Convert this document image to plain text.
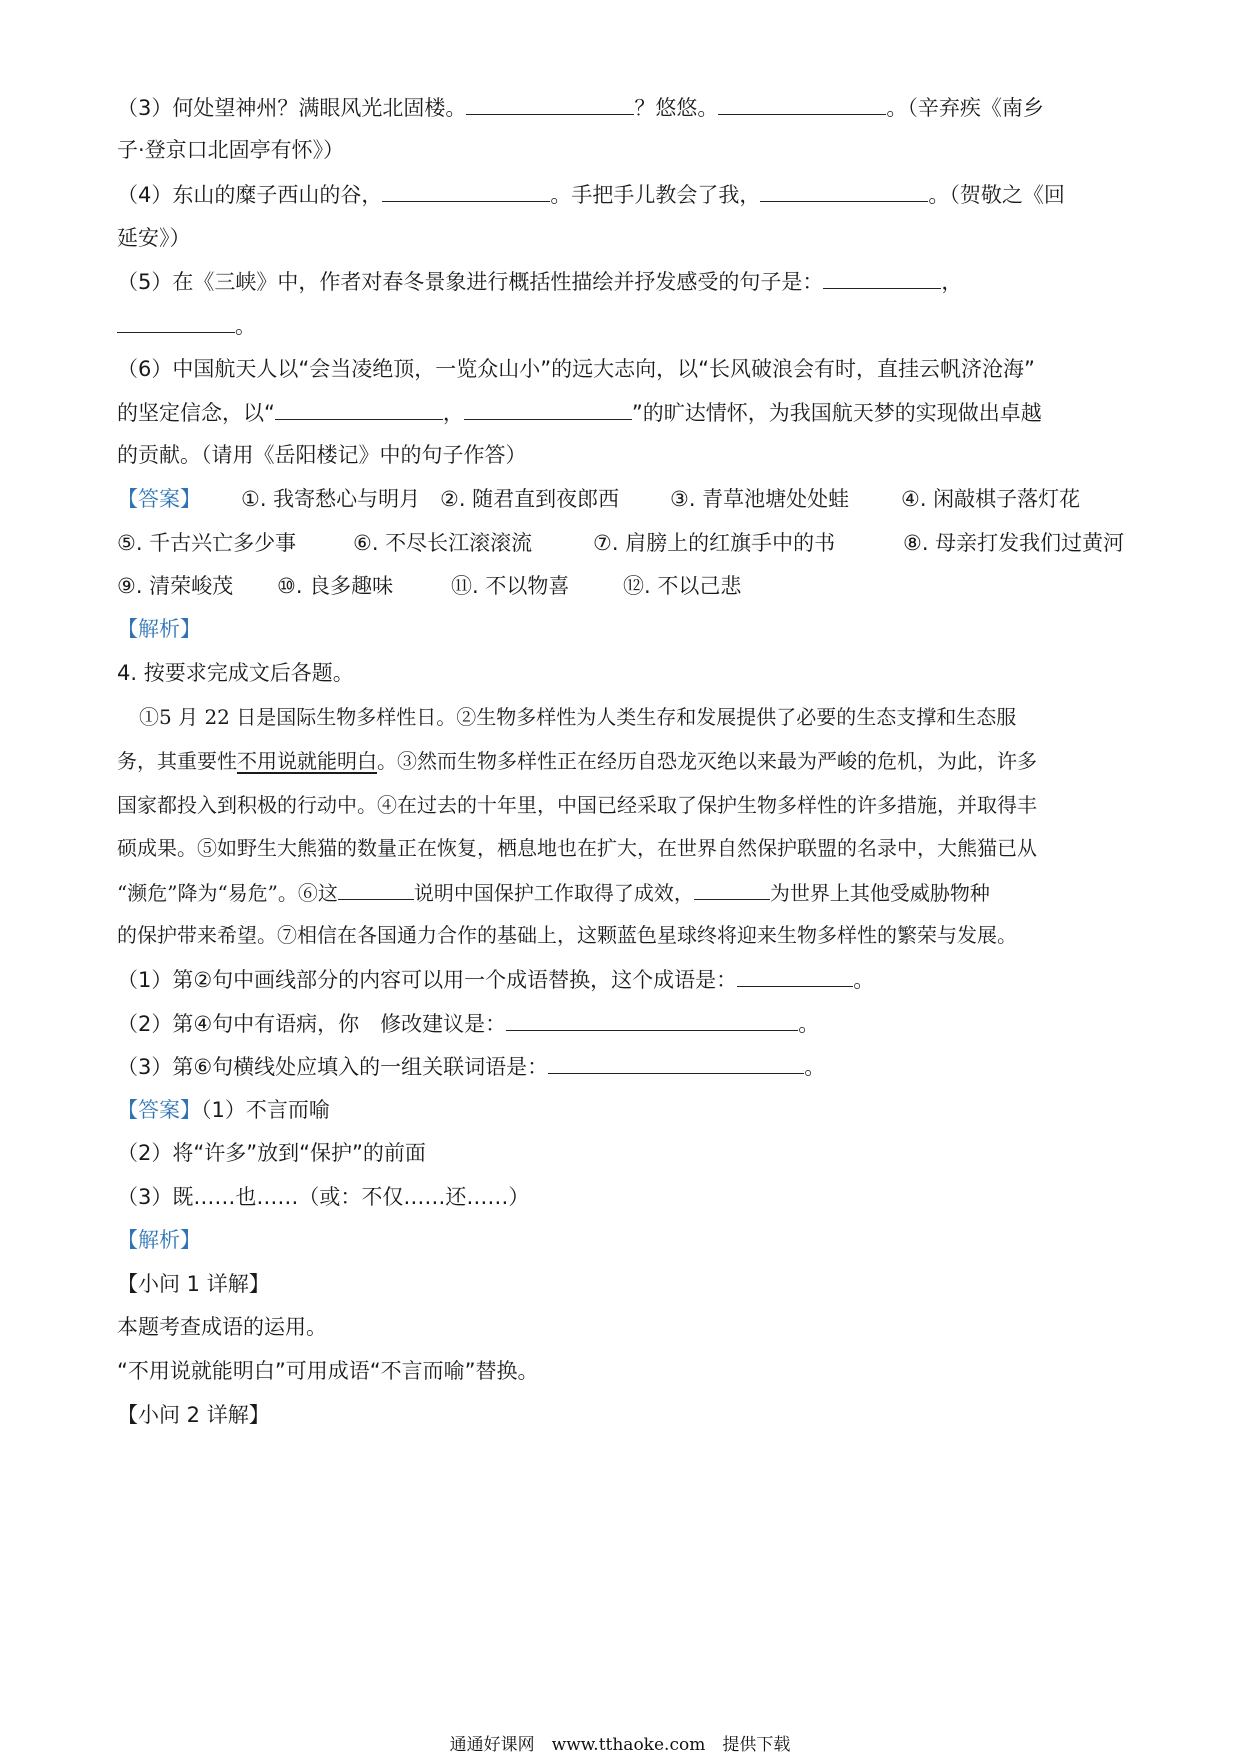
（3）何处望神州？满眼风光北固楼。	？悠悠。	。（辛弃疾《南乡
子·登京口北固亭有怀》）
（4）东山的糜子西山的谷，	。手把手儿教会了我，	。（贺敬之《回
延安》）
（5）在《三峡》中，作者对春冬景象进行概括性描绘并抒发感受的句子是：	，
。
（6）中国航天人以“会当凌绝顶，一览众山小”的远大志向，以“长风破浪会有时，直挂云帆济沧海”
的坚定信念，以“	，	”的旷达情怀，为我国航天梦的实现做出卓越
的贡献。（请用《岳阳楼记》中的句子作答）
【答案】 ①. 我寄愁心与明月 ②. 随君直到夜郎西 ③. 青草池塘处处蛙 ④. 闲敲棋子落灯花
⑤. 千古兴亡多少事	⑥. 不尽长江滚滚流	⑦. 肩膀上的红旗手中的书	⑧. 母亲打发我们过黄河
⑨. 清荣峻茂 ⑩. 良多趣味	⑪. 不以物喜	⑫. 不以己悲
【解析】
4. 按要求完成文后各题。
①5 月 22 日是国际生物多样性日。②生物多样性为人类生存和发展提供了必要的生态支撑和生态服
务，其重要性不用说就能明白。③然而生物多样性正在经历自恐龙灭绝以来最为严峻的危机，为此，许多
国家都投入到积极的行动中。④在过去的十年里，中国已经采取了保护生物多样性的许多措施，并取得丰
硕成果。⑤如野生大熊猫的数量正在恢复，栖息地也在扩大，在世界自然保护联盟的名录中，大熊猫已从
“濒危”降为“易危”。⑥这	说明中国保护工作取得了成效，	为世界上其他受威胁物种
的保护带来希望。⑦相信在各国通力合作的基础上，这颗蓝色星球终将迎来生物多样性的繁荣与发展。
（1）第②句中画线部分的内容可以用一个成语替换，这个成语是：	。
（2）第④句中有语病，你　修改建议是：	。
（3）第⑥句横线处应填入的一组关联词语是：	。
【答案】（1）不言而喻
（2）将“许多”放到“保护”的前面
（3）既……也……（或：不仅……还……）
【解析】
【小问 1 详解】
本题考查成语的运用。
“不用说就能明白”可用成语“不言而喻”替换。
【小问 2 详解】
通通好课网　www.tthaoke.com　提供下载
